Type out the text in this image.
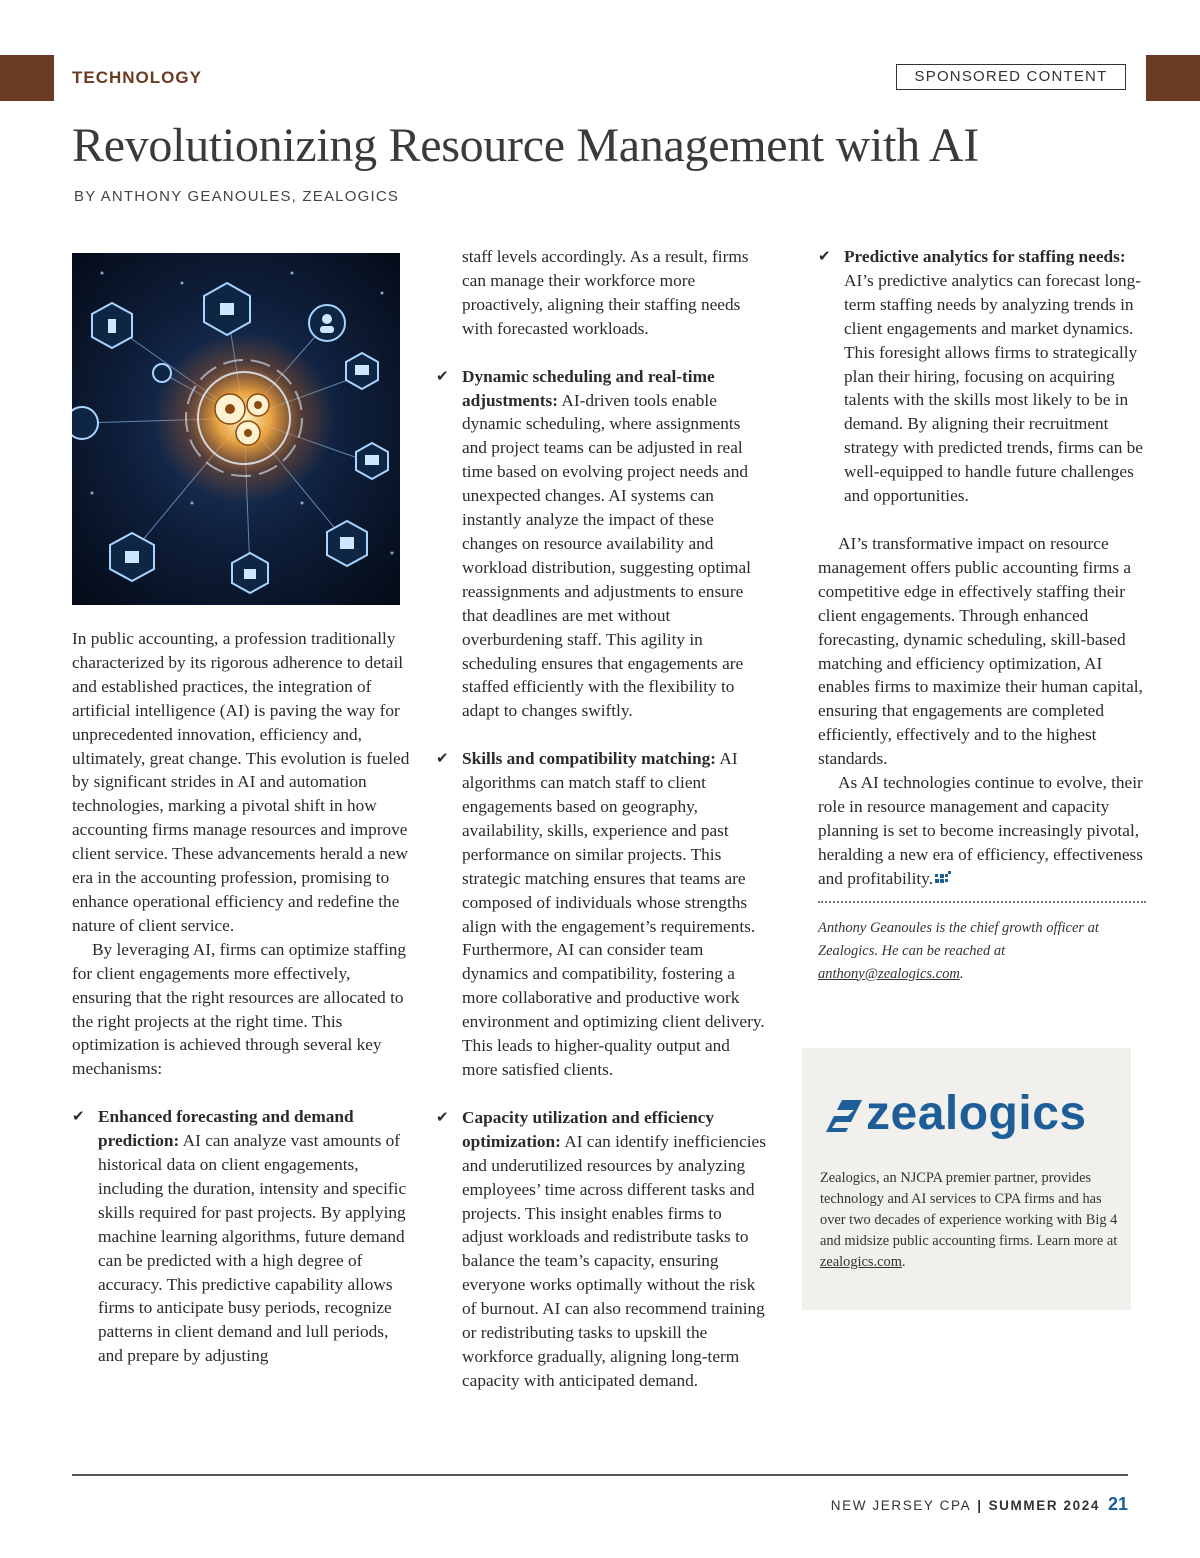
TECHNOLOGY	SPONSORED CONTENT
Revolutionizing Resource Management with AI
BY ANTHONY GEANOULES, ZEALOGICS

In public accounting, a profession traditionally characterized by its rigorous adherence to detail and established practices, the integration of artificial intelligence (AI) is paving the way for unprecedented innovation, efficiency and, ultimately, great change. This evolution is fueled by significant strides in AI and automation technologies, marking a pivotal shift in how accounting firms manage resources and improve client service. These advancements herald a new era in the accounting profession, promising to enhance operational efficiency and redefine the nature of client service.

By leveraging AI, firms can optimize staffing for client engagements more effectively, ensuring that the right resources are allocated to the right projects at the right time. This optimization is achieved through several key mechanisms:

✔ Enhanced forecasting and demand prediction: AI can analyze vast amounts of historical data on client engagements, including the duration, intensity and specific skills required for past projects. By applying machine learning algorithms, future demand can be predicted with a high degree of accuracy. This predictive capability allows firms to anticipate busy periods, recognize patterns in client demand and lull periods, and prepare by adjusting

staff levels accordingly. As a result, firms can manage their workforce more proactively, aligning their staffing needs with forecasted workloads.

✔ Dynamic scheduling and real-time adjustments: AI-driven tools enable dynamic scheduling, where assignments and project teams can be adjusted in real time based on evolving project needs and unexpected changes. AI systems can instantly analyze the impact of these changes on resource availability and workload distribution, suggesting optimal reassignments and adjustments to ensure that deadlines are met without overburdening staff. This agility in scheduling ensures that engagements are staffed efficiently with the flexibility to adapt to changes swiftly.

✔ Skills and compatibility matching: AI algorithms can match staff to client engagements based on geography, availability, skills, experience and past performance on similar projects. This strategic matching ensures that teams are composed of individuals whose strengths align with the engagement’s requirements. Furthermore, AI can consider team dynamics and compatibility, fostering a more collaborative and productive work environment and optimizing client delivery. This leads to higher-quality output and more satisfied clients.

✔ Capacity utilization and efficiency optimization: AI can identify inefficiencies and underutilized resources by analyzing employees’ time across different tasks and projects. This insight enables firms to adjust workloads and redistribute tasks to balance the team’s capacity, ensuring everyone works optimally without the risk of burnout. AI can also recommend training or redistributing tasks to upskill the workforce gradually, aligning long-term capacity with anticipated demand.

✔ Predictive analytics for staffing needs: AI’s predictive analytics can forecast long-term staffing needs by analyzing trends in client engagements and market dynamics. This foresight allows firms to strategically plan their hiring, focusing on acquiring talents with the skills most likely to be in demand. By aligning their recruitment strategy with predicted trends, firms can be well-equipped to handle future challenges and opportunities.

AI’s transformative impact on resource management offers public accounting firms a competitive edge in effectively staffing their client engagements. Through enhanced forecasting, dynamic scheduling, skill-based matching and efficiency optimization, AI enables firms to maximize their human capital, ensuring that engagements are completed efficiently, effectively and to the highest standards.

As AI technologies continue to evolve, their role in resource management and capacity planning is set to become increasingly pivotal, heralding a new era of efficiency, effectiveness and profitability.

Anthony Geanoules is the chief growth officer at Zealogics. He can be reached at anthony@zealogics.com.

zealogics
Zealogics, an NJCPA premier partner, provides technology and AI services to CPA firms and has over two decades of experience working with Big 4 and midsize public accounting firms. Learn more at zealogics.com.
NEW JERSEY CPA | SUMMER 2024 21
